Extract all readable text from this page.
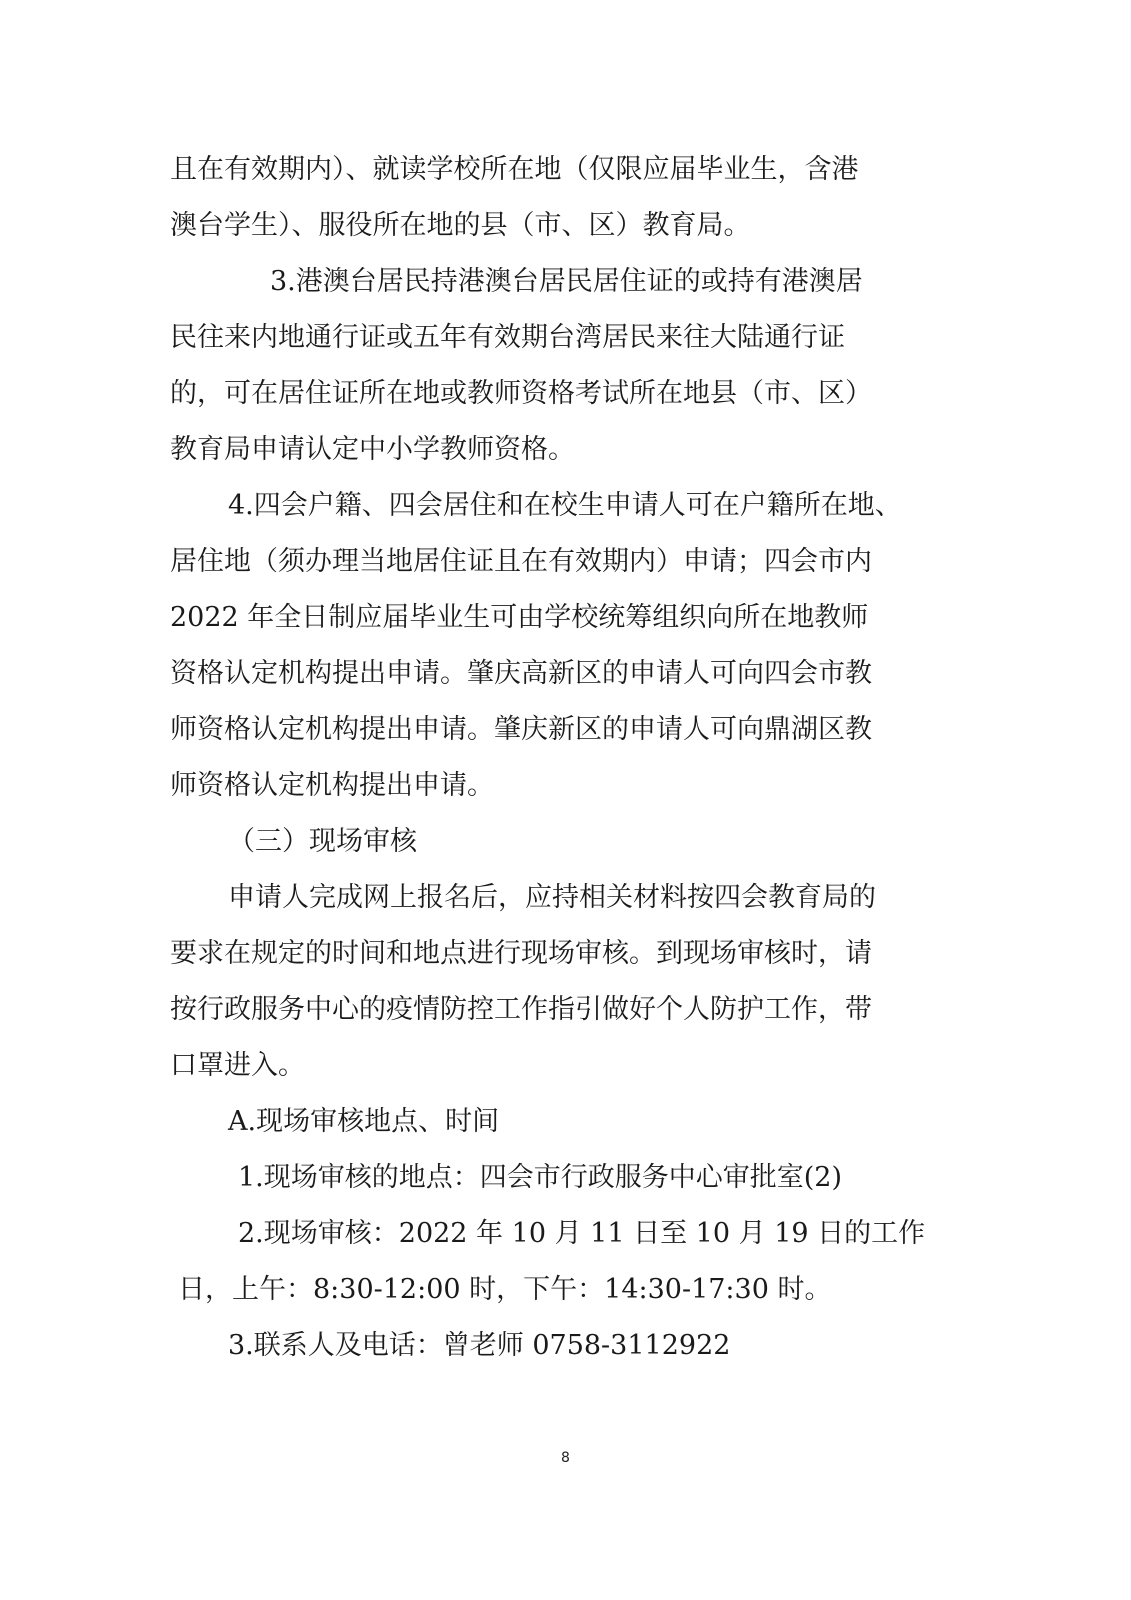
且在有效期内）、就读学校所在地（仅限应届毕业生，含港
澳台学生）、服役所在地的县（市、区）教育局。
3.港澳台居民持港澳台居民居住证的或持有港澳居
民往来内地通行证或五年有效期台湾居民来往大陆通行证
的，可在居住证所在地或教师资格考试所在地县（市、区）
教育局申请认定中小学教师资格。
4.四会户籍、四会居住和在校生申请人可在户籍所在地、
居住地（须办理当地居住证且在有效期内）申请；四会市内
2022 年全日制应届毕业生可由学校统筹组织向所在地教师
资格认定机构提出申请。肇庆高新区的申请人可向四会市教
师资格认定机构提出申请。肇庆新区的申请人可向鼎湖区教
师资格认定机构提出申请。
（三）现场审核
申请人完成网上报名后，应持相关材料按四会教育局的
要求在规定的时间和地点进行现场审核。到现场审核时，请
按行政服务中心的疫情防控工作指引做好个人防护工作，带
口罩进入。
A.现场审核地点、时间
1.现场审核的地点：四会市行政服务中心审批室(2)
2.现场审核：2022 年 10 月 11 日至 10 月 19 日的工作
日，上午：8:30-12:00 时，下午：14:30-17:30 时。
3.联系人及电话：曾老师 0758-3112922
8
